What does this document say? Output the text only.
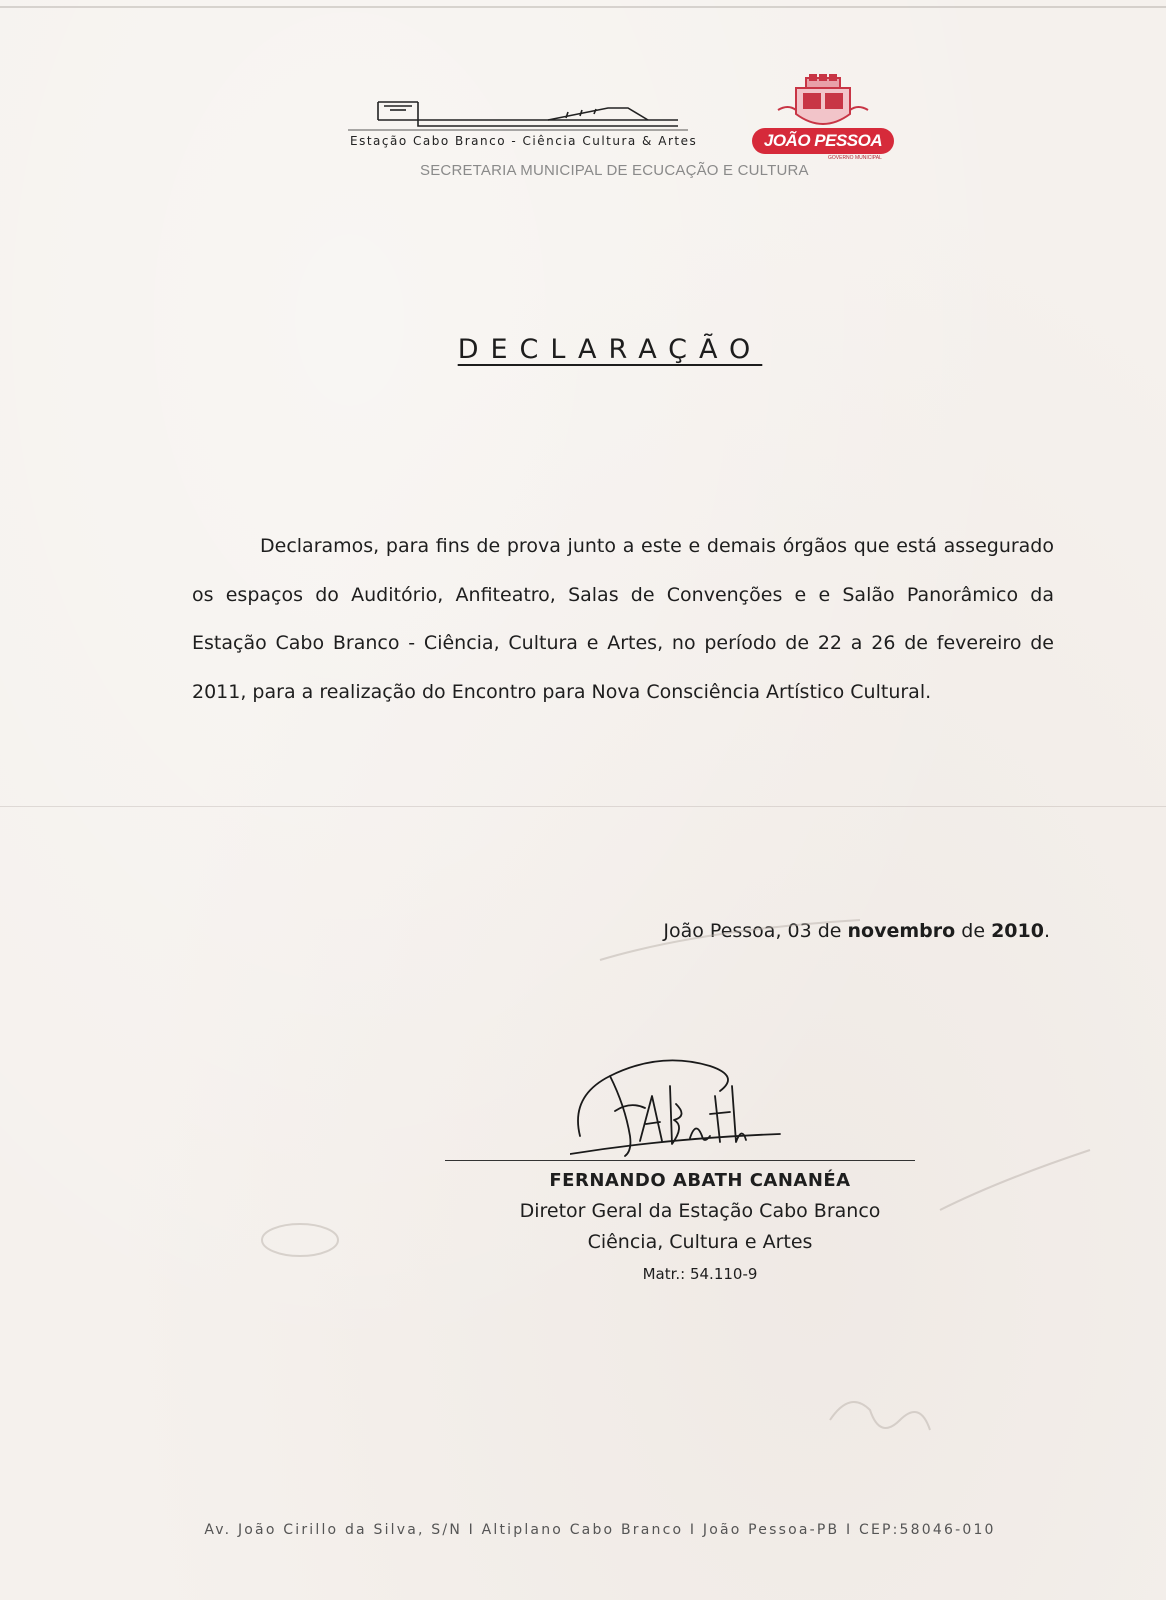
Estação Cabo Branco - Ciência Cultura & Artes
SECRETARIA MUNICIPAL DE ECUCAÇÃO E CULTURA
JOÃO PESSOA
GOVERNO MUNICIPAL
DECLARAÇÃO
Declaramos, para fins de prova junto a este e demais órgãos que está assegurado os espaços do Auditório, Anfiteatro, Salas de Convenções e e Salão Panorâmico da Estação Cabo Branco - Ciência, Cultura e Artes, no período de 22 a 26 de fevereiro de 2011, para a realização do Encontro para Nova Consciência Artístico Cultural.
João Pessoa, 03 de novembro de 2010.
FERNANDO ABATH CANANÉA
Diretor Geral da Estação Cabo Branco
Ciência, Cultura e Artes
Matr.: 54.110-9
Av. João Cirillo da Silva, S/N I Altiplano Cabo Branco I João Pessoa-PB I CEP:58046-010
